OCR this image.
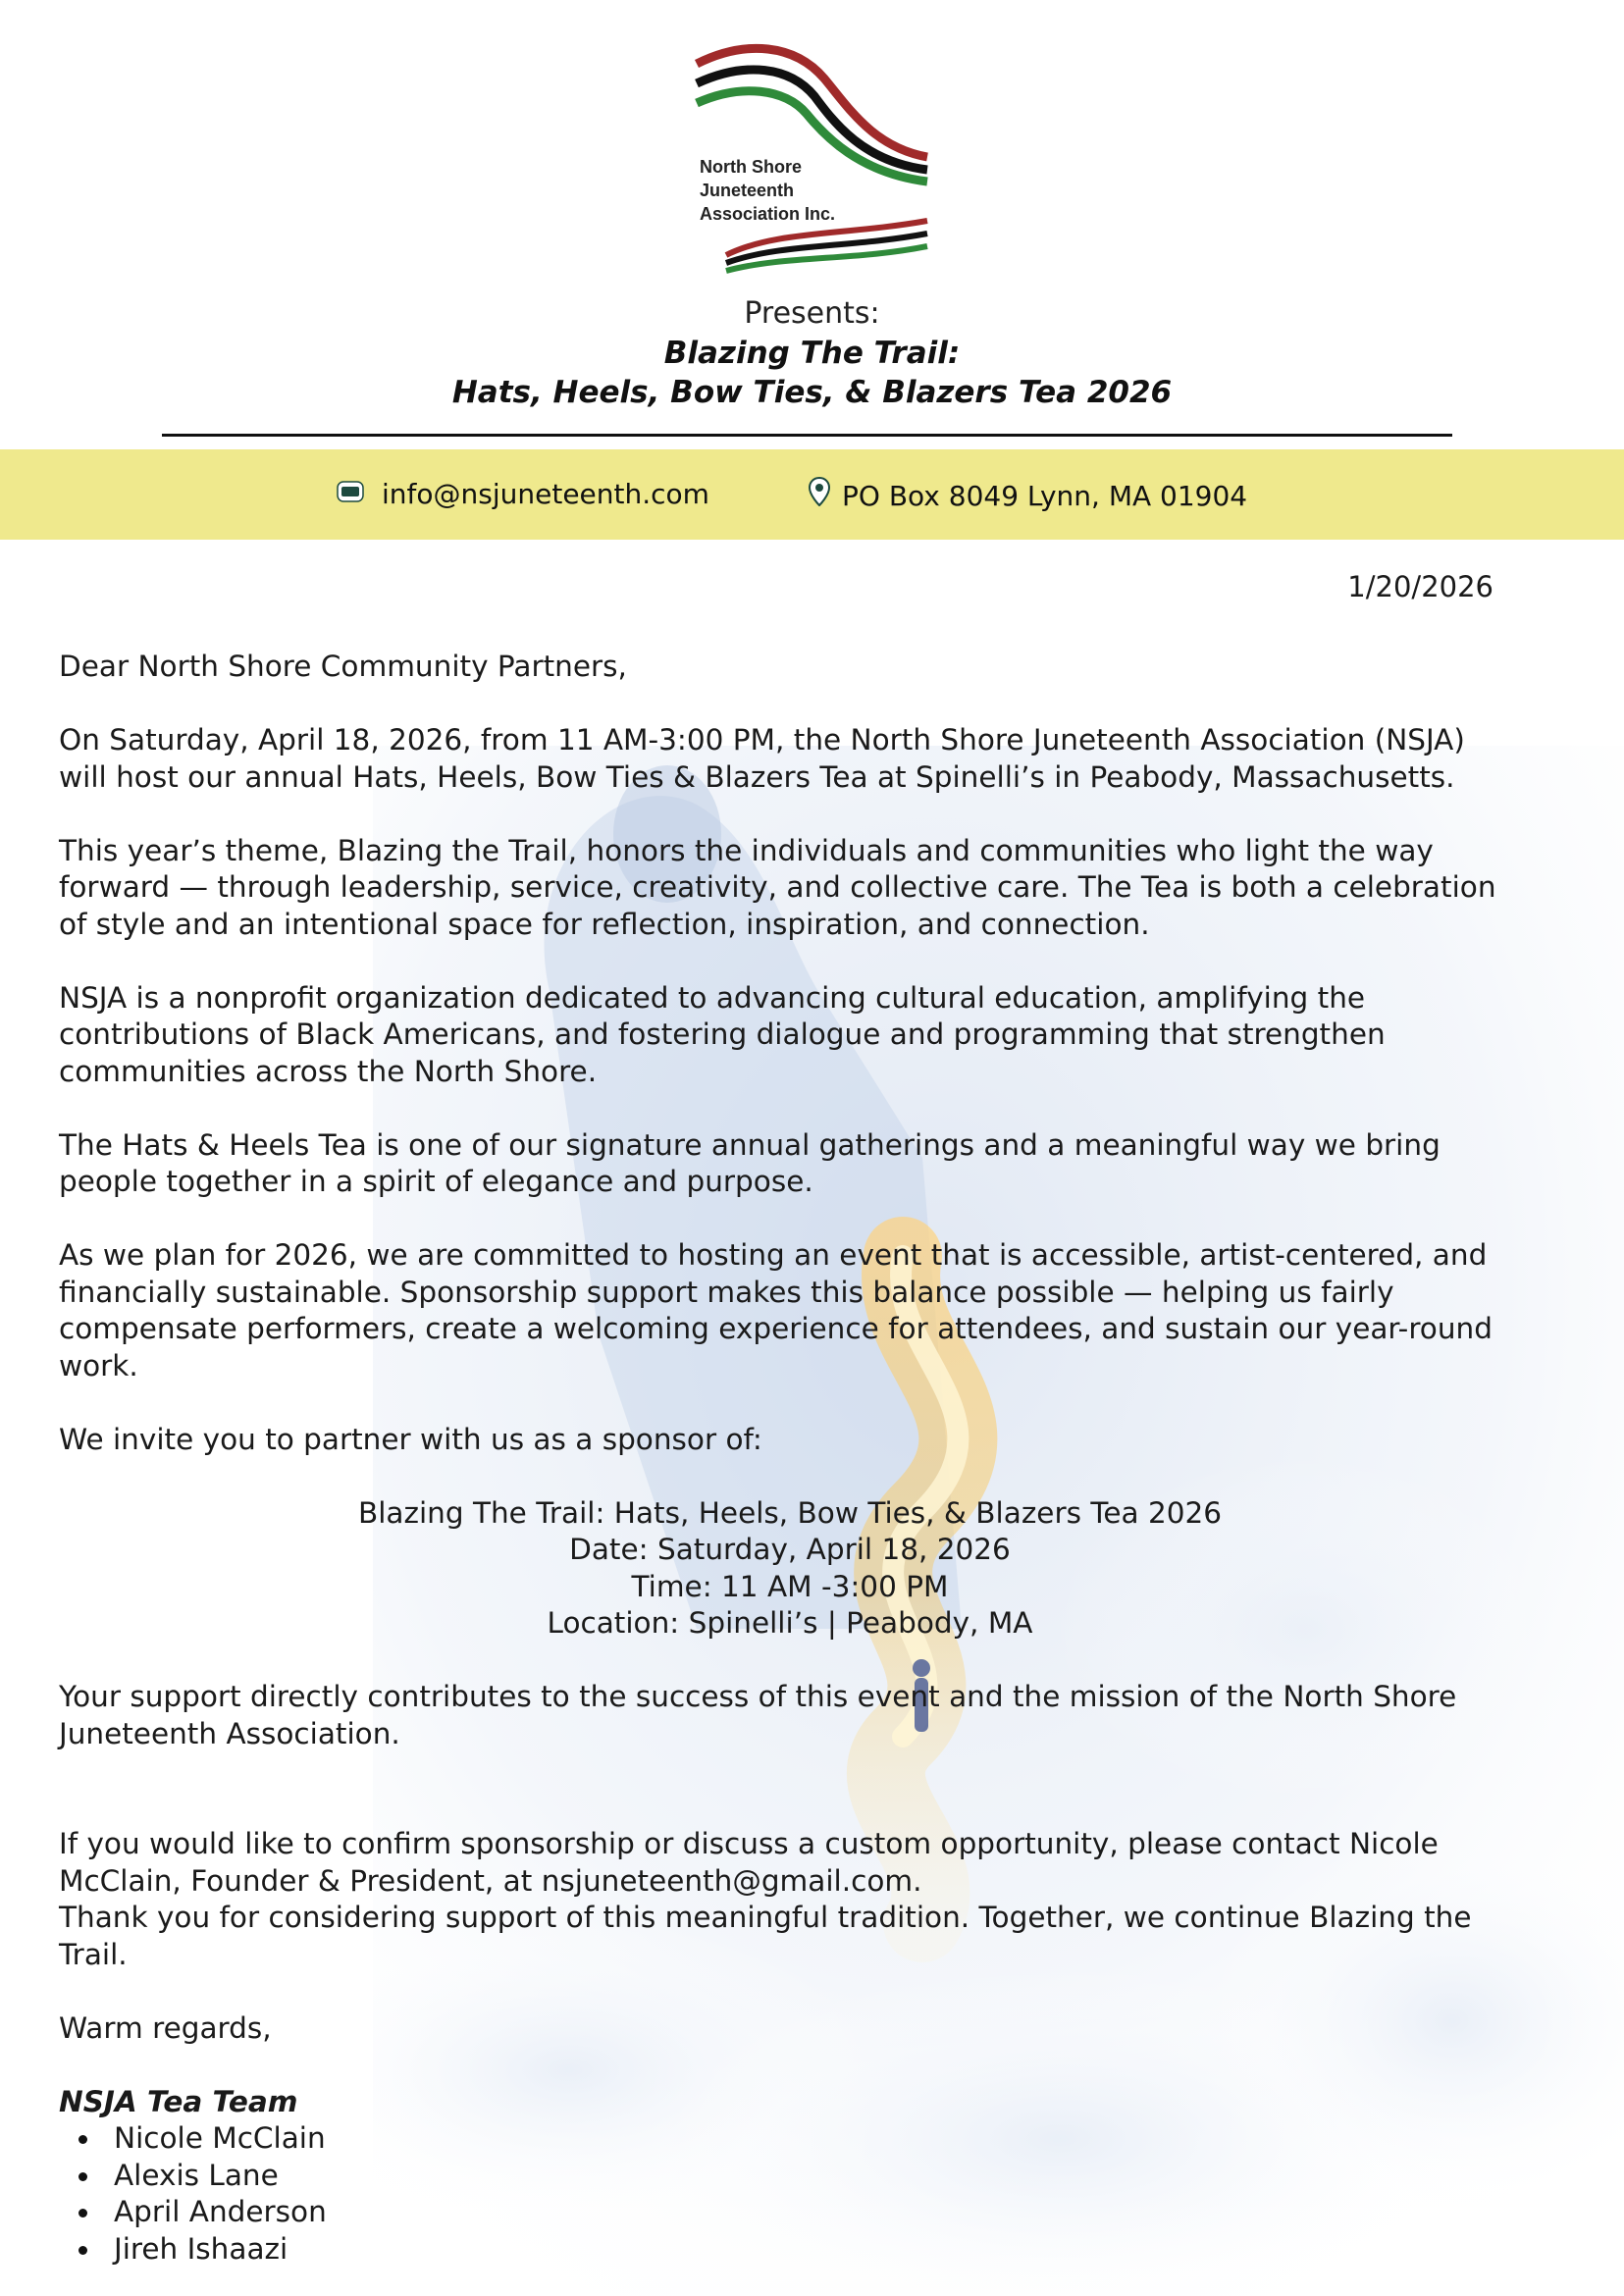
North Shore
Juneteenth
Association Inc.
Presents:
Blazing The Trail:
Hats, Heels, Bow Ties, & Blazers Tea 2026
info@nsjuneteenth.com	PO Box 8049 Lynn, MA 01904
1/20/2026

Dear North Shore Community Partners,

On Saturday, April 18, 2026, from 11 AM-3:00 PM, the North Shore Juneteenth Association (NSJA) will host our annual Hats, Heels, Bow Ties & Blazers Tea at Spinelli’s in Peabody, Massachusetts.

This year’s theme, Blazing the Trail, honors the individuals and communities who light the way forward — through leadership, service, creativity, and collective care. The Tea is both a celebration of style and an intentional space for reflection, inspiration, and connection.

NSJA is a nonprofit organization dedicated to advancing cultural education, amplifying the contributions of Black Americans, and fostering dialogue and programming that strengthen communities across the North Shore.

The Hats & Heels Tea is one of our signature annual gatherings and a meaningful way we bring people together in a spirit of elegance and purpose.

As we plan for 2026, we are committed to hosting an event that is accessible, artist-centered, and financially sustainable. Sponsorship support makes this balance possible — helping us fairly compensate performers, create a welcoming experience for attendees, and sustain our year-round work.

We invite you to partner with us as a sponsor of:

Blazing The Trail: Hats, Heels, Bow Ties, & Blazers Tea 2026
Date: Saturday, April 18, 2026
Time: 11 AM -3:00 PM
Location: Spinelli’s | Peabody, MA

Your support directly contributes to the success of this event and the mission of the North Shore Juneteenth Association.

If you would like to confirm sponsorship or discuss a custom opportunity, please contact Nicole McClain, Founder & President, at nsjuneteenth@gmail.com.

Thank you for considering support of this meaningful tradition. Together, we continue Blazing the Trail.

Warm regards,

NSJA Tea Team
Nicole McClain
Alexis Lane
April Anderson
Jireh Ishaazi
